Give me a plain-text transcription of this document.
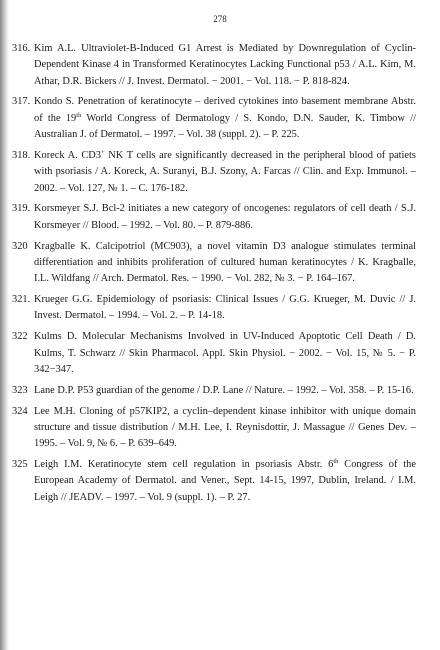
278
316. Kim A.L. Ultraviolet-B-Induced G1 Arrest is Mediated by Downregulation of Cyclin-Dependent Kinase 4 in Transformed Keratinocytes Lacking Functional p53 / A.L. Kim, M. Athar, D.R. Bickers // J. Invest. Dermatol. − 2001. − Vol. 118. − P. 818-824.
317. Kondo S. Penetration of keratinocyte – derived cytokines into basement membrane Abstr. of the 19th World Congress of Dermatology / S. Kondo, D.N. Sauder, K. Timbow // Australian J. of Dermatol. – 1997. – Vol. 38 (suppl. 2). – P. 225.
318. Koreck A. CD3+ NK T cells are significantly decreased in the peripheral blood of patiets with psoriasis / A. Koreck, A. Suranyi, B.J. Szony, A. Farcas // Clin. and Exp. Immunol. – 2002. – Vol. 127, № 1. – С. 176-182.
319. Korsmeyer S.J. Bcl-2 initiates a new category of oncogenes: regulators of cell death / S.J. Korsmeyer // Blood. – 1992. – Vol. 80. – P. 879-886.
320 Kragballe K. Calcipotriol (MC903), a novel vitamin D3 analogue stimulates terminal differentiation and inhibits proliferation of cultured human keratinocytes / K. Kragballe, I.L. Wildfang // Arch. Dermatol. Res. − 1990. − Vol. 282, № 3. − P. 164–167.
321. Krueger G.G. Epidemiology of psoriasis: Clinical Issues / G.G. Krueger, M. Duvic // J. Invest. Dermatol. – 1994. – Vol. 2. – P. 14-18.
322 Kulms D. Molecular Mechanisms Involved in UV-Induced Apoptotic Cell Death / D. Kulms, T. Schwarz // Skin Pharmacol. Appl. Skin Physiol. − 2002. − Vol. 15, № 5. − P. 342−347.
323 Lane D.P. P53 guardian of the genome / D.P. Lane // Nature. – 1992. – Vol. 358. – P. 15-16.
324 Lee M.H. Cloning of p57KIP2, a cyclin–dependent kinase inhibitor with unique domain structure and tissue distribution / M.H. Lee, I. Reynisdottir, J. Massague // Genes Dev. – 1995. – Vol. 9, № 6. – P. 639–649.
325 Leigh I.M. Keratinocyte stem cell regulation in psoriasis Abstr. 6th Congress of the European Academy of Dermatol. and Vener., Sept. 14-15, 1997, Dublin, Ireland. / I.M. Leigh // JEADV. – 1997. – Vol. 9 (suppl. 1). – P. 27.
